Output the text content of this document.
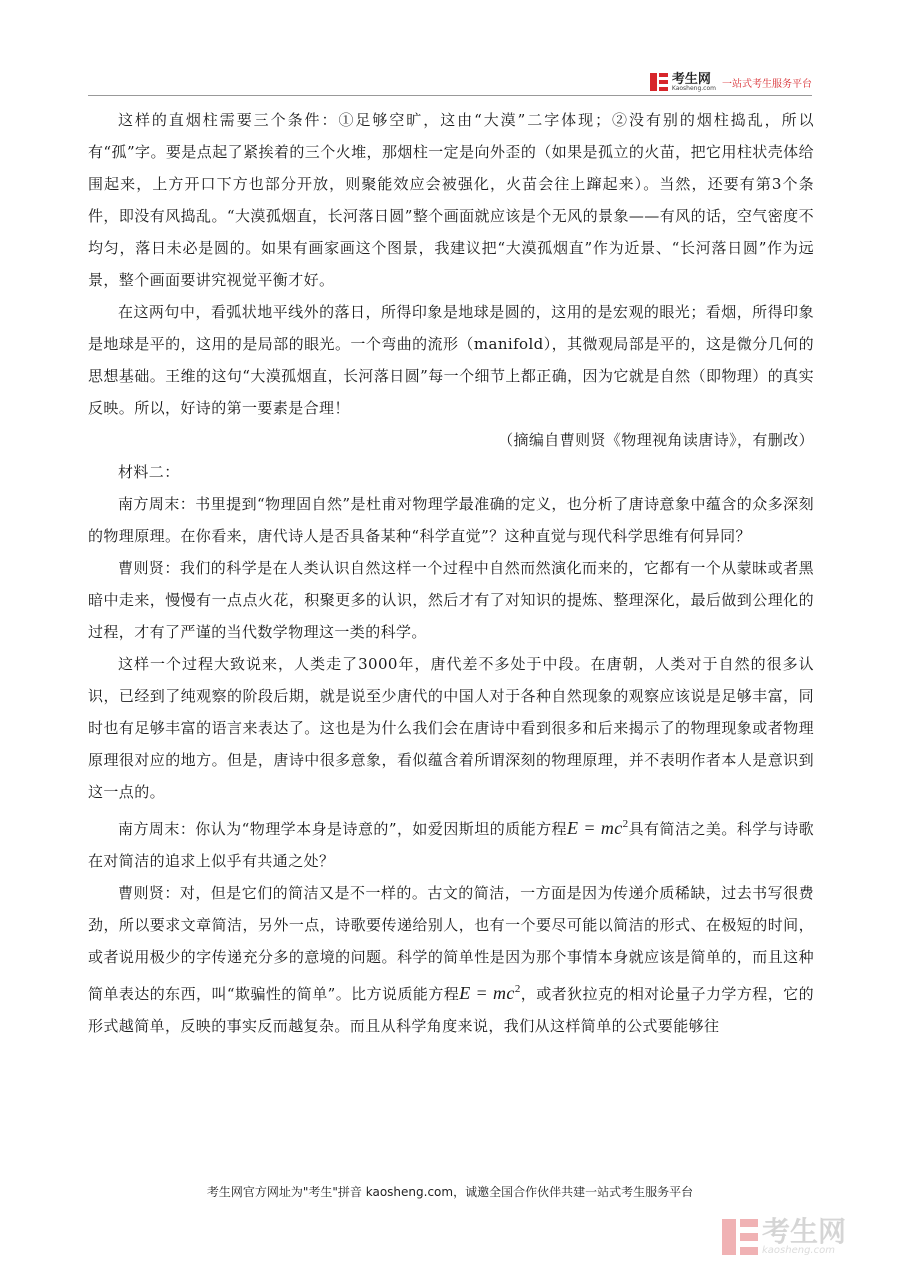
考生网
Kaosheng.com 一站式考生服务平台

这样的直烟柱需要三个条件：①足够空旷，这由“大漠”二字体现；②没有别的烟柱捣乱，所以有“孤”字。要是点起了紧挨着的三个火堆，那烟柱一定是向外歪的（如果是孤立的火苗，把它用柱状壳体给围起来，上方开口下方也部分开放，则聚能效应会被强化，火苗会往上蹿起来）。当然，还要有第3个条件，即没有风捣乱。“大漠孤烟直，长河落日圆”整个画面就应该是个无风的景象——有风的话，空气密度不均匀，落日未必是圆的。如果有画家画这个图景，我建议把“大漠孤烟直”作为近景、“长河落日圆”作为远景，整个画面要讲究视觉平衡才好。

在这两句中，看弧状地平线外的落日，所得印象是地球是圆的，这用的是宏观的眼光；看烟，所得印象是地球是平的，这用的是局部的眼光。一个弯曲的流形（manifold），其微观局部是平的，这是微分几何的思想基础。王维的这句“大漠孤烟直，长河落日圆”每一个细节上都正确，因为它就是自然（即物理）的真实反映。所以，好诗的第一要素是合理！

（摘编自曹则贤《物理视角读唐诗》，有删改）

材料二：

南方周末：书里提到“物理固自然”是杜甫对物理学最准确的定义，也分析了唐诗意象中蕴含的众多深刻的物理原理。在你看来，唐代诗人是否具备某种“科学直觉”？这种直觉与现代科学思维有何异同？

曹则贤：我们的科学是在人类认识自然这样一个过程中自然而然演化而来的，它都有一个从蒙昧或者黑暗中走来，慢慢有一点点火花，积聚更多的认识，然后才有了对知识的提炼、整理深化，最后做到公理化的过程，才有了严谨的当代数学物理这一类的科学。

这样一个过程大致说来，人类走了3000年，唐代差不多处于中段。在唐朝，人类对于自然的很多认识，已经到了纯观察的阶段后期，就是说至少唐代的中国人对于各种自然现象的观察应该说是足够丰富，同时也有足够丰富的语言来表达了。这也是为什么我们会在唐诗中看到很多和后来揭示了的物理现象或者物理原理很对应的地方。但是，唐诗中很多意象，看似蕴含着所谓深刻的物理原理，并不表明作者本人是意识到这一点的。

南方周末：你认为“物理学本身是诗意的”，如爱因斯坦的质能方程$E = mc^2$具有简洁之美。科学与诗歌在对简洁的追求上似乎有共通之处？

曹则贤：对，但是它们的简洁又是不一样的。古文的简洁，一方面是因为传递介质稀缺，过去书写很费劲，所以要求文章简洁，另外一点，诗歌要传递给别人，也有一个要尽可能以简洁的形式、在极短的时间，或者说用极少的字传递充分多的意境的问题。科学的简单性是因为那个事情本身就应该是简单的，而且这种简单表达的东西，叫“欺骗性的简单”。比方说质能方程$E = mc^2$，或者狄拉克的相对论量子力学方程，它的形式越简单，反映的事实反而越复杂。而且从科学角度来说，我们从这样简单的公式要能够往

考生网官方网址为"考生"拼音 kaosheng.com，诚邀全国合作伙伴共建一站式考生服务平台
考生网
kaosheng.com
